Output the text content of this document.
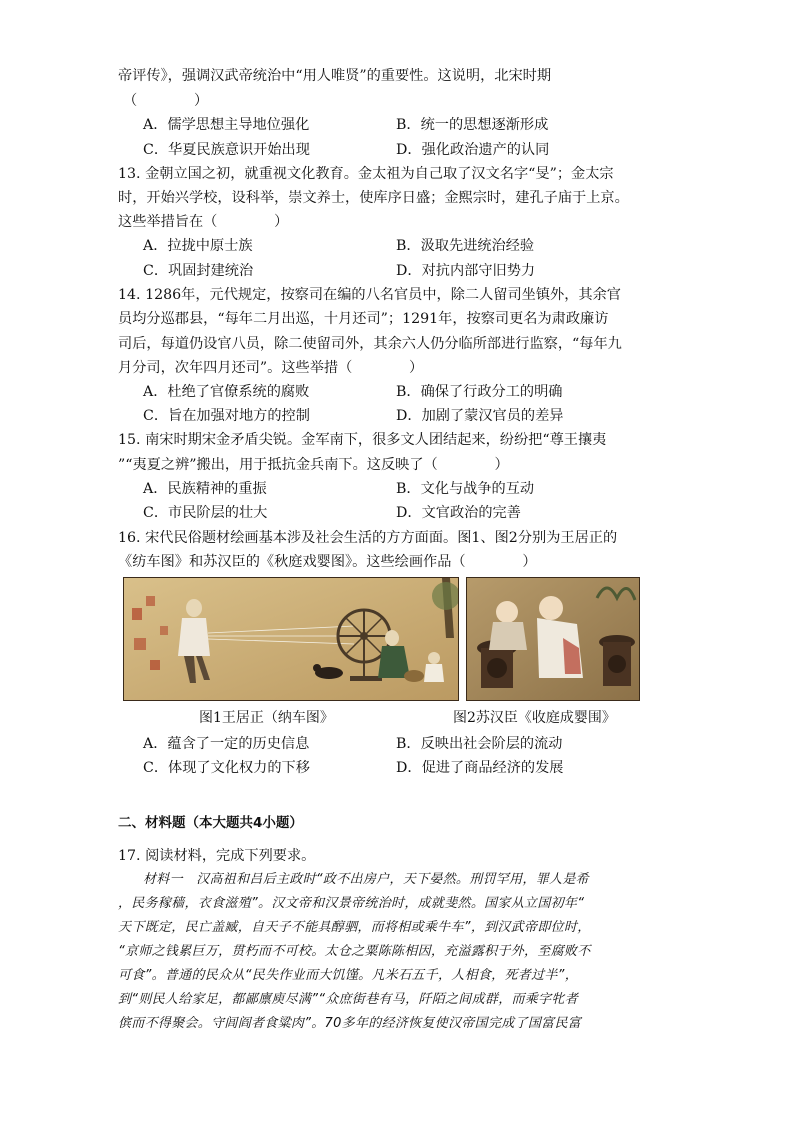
帝评传》，强调汉武帝统治中“用人唯贤”的重要性。这说明，北宋时期
（　　　　）
A．儒学思想主导地位强化	B．统一的思想逐渐形成
C．华夏民族意识开始出现	D．强化政治遗产的认同
13. 金朝立国之初，就重视文化教育。金太祖为自己取了汉文名字“旻”；金太宗
时，开始兴学校，设科举，崇文养士，使库序日盛；金熙宗时，建孔子庙于上京。
这些举措旨在（　　　　）
A．拉拢中原士族	B．汲取先进统治经验
C．巩固封建统治	D．对抗内部守旧势力
14. 1286年，元代规定，按察司在编的八名官员中，除二人留司坐镇外，其余官
员均分巡郡县，“每年二月出巡，十月还司”；1291年，按察司更名为肃政廉访
司后，每道仍设官八员，除二使留司外，其余六人仍分临所部进行监察，“每年九
月分司，次年四月还司”。这些举措（　　　　）
A．杜绝了官僚系统的腐败	B．确保了行政分工的明确
C．旨在加强对地方的控制	D．加剧了蒙汉官员的差异
15. 南宋时期宋金矛盾尖锐。金军南下，很多文人团结起来，纷纷把“尊王攘夷
”“夷夏之辨”搬出，用于抵抗金兵南下。这反映了（　　　　）
A．民族精神的重振	B．文化与战争的互动
C．市民阶层的壮大	D．文官政治的完善
16. 宋代民俗题材绘画基本涉及社会生活的方方面面。图1、图2分别为王居正的
《纺车图》和苏汉臣的《秋庭戏婴图》。这些绘画作品（　　　　）
图1王居正（纳车图》	图2苏汉臣《收庭成婴围》
A．蕴含了一定的历史信息	B．反映出社会阶层的流动
C．体现了文化权力的下移	D．促进了商品经济的发展
二、材料题（本大题共4小题）
17. 阅读材料，完成下列要求。
材料一　汉高祖和吕后主政时“政不出房户，天下晏然。刑罚罕用，罪人是希
，民务稼穑，衣食滋殖”。汉文帝和汉景帝统治时，成就斐然。国家从立国初年“
天下既定，民亡盖臧，自天子不能具醇驷，而将相或乘牛车”，到汉武帝即位时，
“京师之钱累巨万，贯朽而不可校。太仓之粟陈陈相因，充溢露积于外，至腐败不
可食”。普通的民众从“民失作业而大饥馑。凡米石五千，人相食，死者过半”，
到“则民人给家足，都鄙廪庾尽满”“众庶街巷有马，阡陌之间成群，而乘字牝者
傧而不得聚会。守闾阎者食粱肉”。70多年的经济恢复使汉帝国完成了国富民富
